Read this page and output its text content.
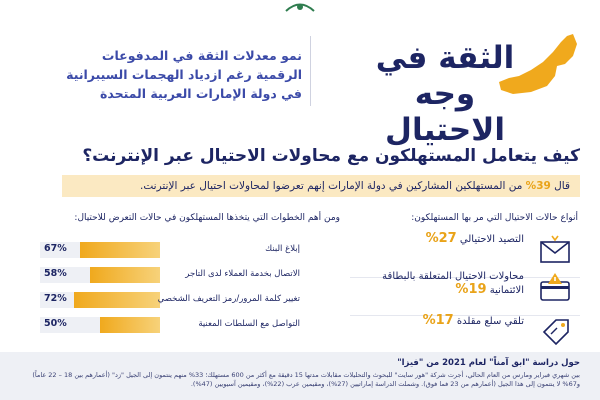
الثقة في
وجه الاحتيال
نمو معدلات الثقة في المدفوعات
الرقمية رغم ازدياد الهجمات السيبرانية
في دولة الإمارات العربية المتحدة
كيف يتعامل المستهلكون مع محاولات الاحتيال عبر الإنترنت؟
قال 39% من المستهلكين المشاركين في دولة الإمارات إنهم تعرضوا لمحاولات احتيال عبر الإنترنت.
أنواع حالات الاحتيال التي مر بها المستهلكون:
التصيد الاحتيالي 27%
محاولات الاحتيال المتعلقة بالبطاقة الائتمانية 19%
تلقي سلع مقلدة 17%
ومن أهم الخطوات التي يتخذها المستهلكون في حالات التعرض للاحتيال:
67%	إبلاغ البنك
58%	الاتصال بخدمة العملاء لدى التاجر
72%	تغيير كلمة المرور/رمز التعريف الشخصي
50%	التواصل مع السلطات المعنية
حول دراسة "ابق آمناً" لعام 2021 من "فيزا"
بين شهري فبراير ومارس من العام الحالي، أجرت شركة "هور سايت" للبحوث والتحليلات مقابلات مدتها 15 دقيقة مع أكثر من 600 مستهلك؛ 33% منهم ينتمون إلى الجيل "زد" (أعمارهم بين 18 – 22 عاماً) و67% لا ينتمون إلى هذا الجيل (أعمارهم من 23 فما فوق). وشملت الدراسة إماراتيين (27%)، ومقيمين عرب (22%)، ومقيمين آسيويين (47%).
